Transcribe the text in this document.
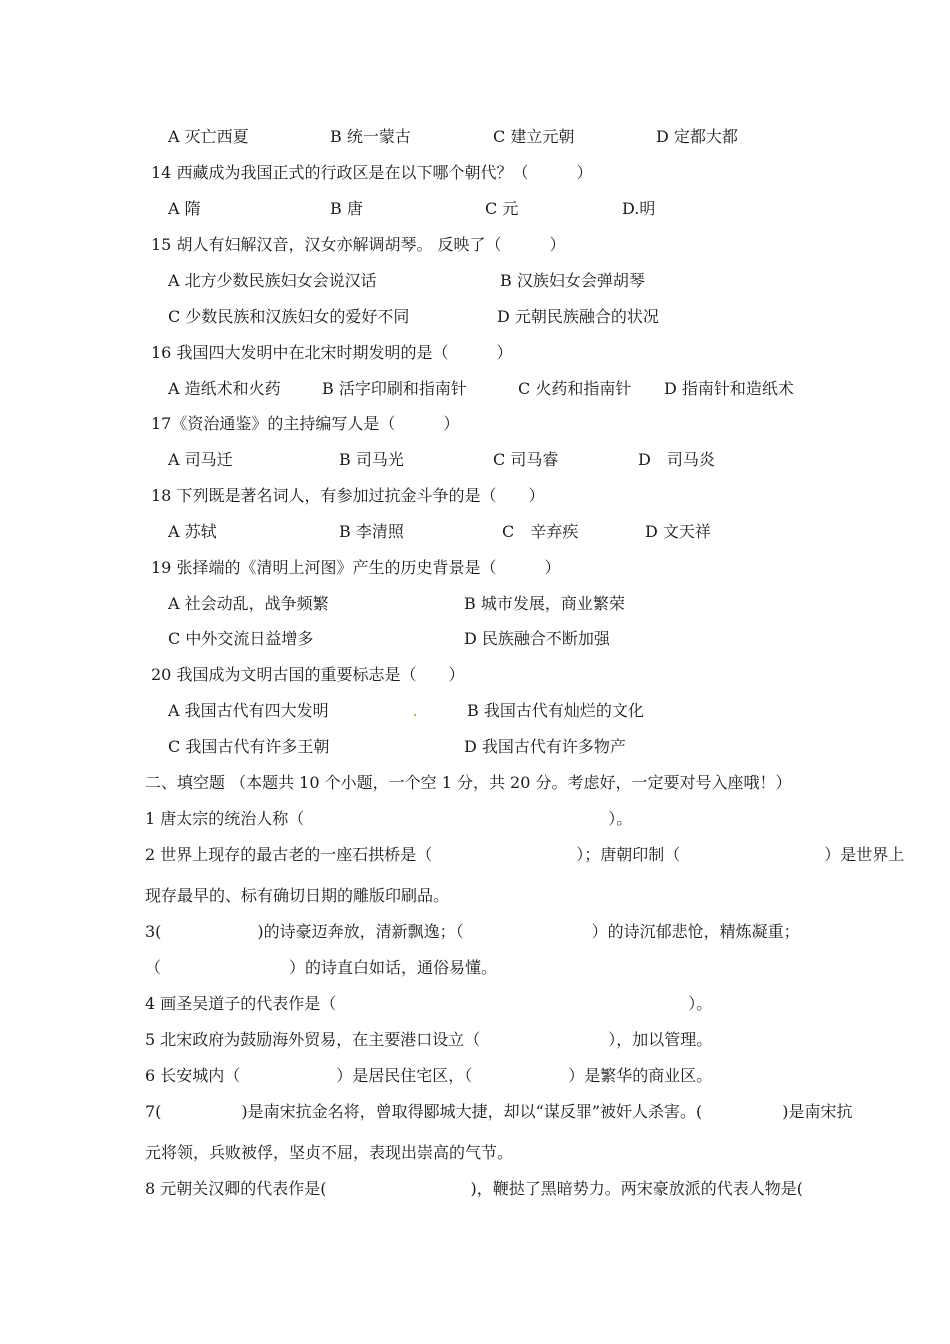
A 灭亡西夏	B 统一蒙古	C 建立元朝	D 定都大都
14 西藏成为我国正式的行政区是在以下哪个朝代？（　　　）
A 隋	B 唐	C 元	D.明
15 胡人有妇解汉音，汉女亦解调胡琴。 反映了（　　　）
A 北方少数民族妇女会说汉话	B 汉族妇女会弹胡琴
C 少数民族和汉族妇女的爱好不同	D 元朝民族融合的状况
16 我国四大发明中在北宋时期发明的是（　　　）
A 造纸术和火药	B 活字印刷和指南针	C 火药和指南针 D 指南针和造纸术
17《资治通鉴》的主持编写人是（　　　）
A 司马迁	B 司马光	C 司马睿	D　司马炎
18 下列既是著名词人，有参加过抗金斗争的是（　　）
A 苏轼	B 李清照	C　辛弃疾	D 文天祥
19 张择端的《清明上河图》产生的历史背景是（　　　）
A 社会动乱，战争频繁	B 城市发展，商业繁荣
C 中外交流日益增多	D 民族融合不断加强
20 我国成为文明古国的重要标志是（　　）
A 我国古代有四大发明	B 我国古代有灿烂的文化
C 我国古代有许多王朝	D 我国古代有许多物产
二、填空题 （本题共 10 个小题，一个空 1 分，共 20 分。考虑好，一定要对号入座哦！）
1 唐太宗的统治人称（　　　　　　　　　　　　　　　　　　　）。
2 世界上现存的最古老的一座石拱桥是（　　　　　　　　　）；唐朝印制（　　　　　　　　　）是世界上
现存最早的、标有确切日期的雕版印刷品。
3(　　　　　　)的诗豪迈奔放，清新飘逸；（　　　　　　　　）的诗沉郁悲怆，精炼凝重；
（　　　　　　　　）的诗直白如话，通俗易懂。
4 画圣吴道子的代表作是（　　　　　　　　　　　　　　　　　　　　　　）。
5 北宋政府为鼓励海外贸易，在主要港口设立（　　　　　　　　），加以管理。
6 长安城内（　　　　　　）是居民住宅区，（　　　　　　）是繁华的商业区。
7(　　　　　)是南宋抗金名将，曾取得郾城大捷，却以“谋反罪”被奸人杀害。(　　　　　)是南宋抗
元将领，兵败被俘，坚贞不屈，表现出崇高的气节。
8 元朝关汉卿的代表作是(　　　　　　　　　)，鞭挞了黑暗势力。两宋豪放派的代表人物是(
